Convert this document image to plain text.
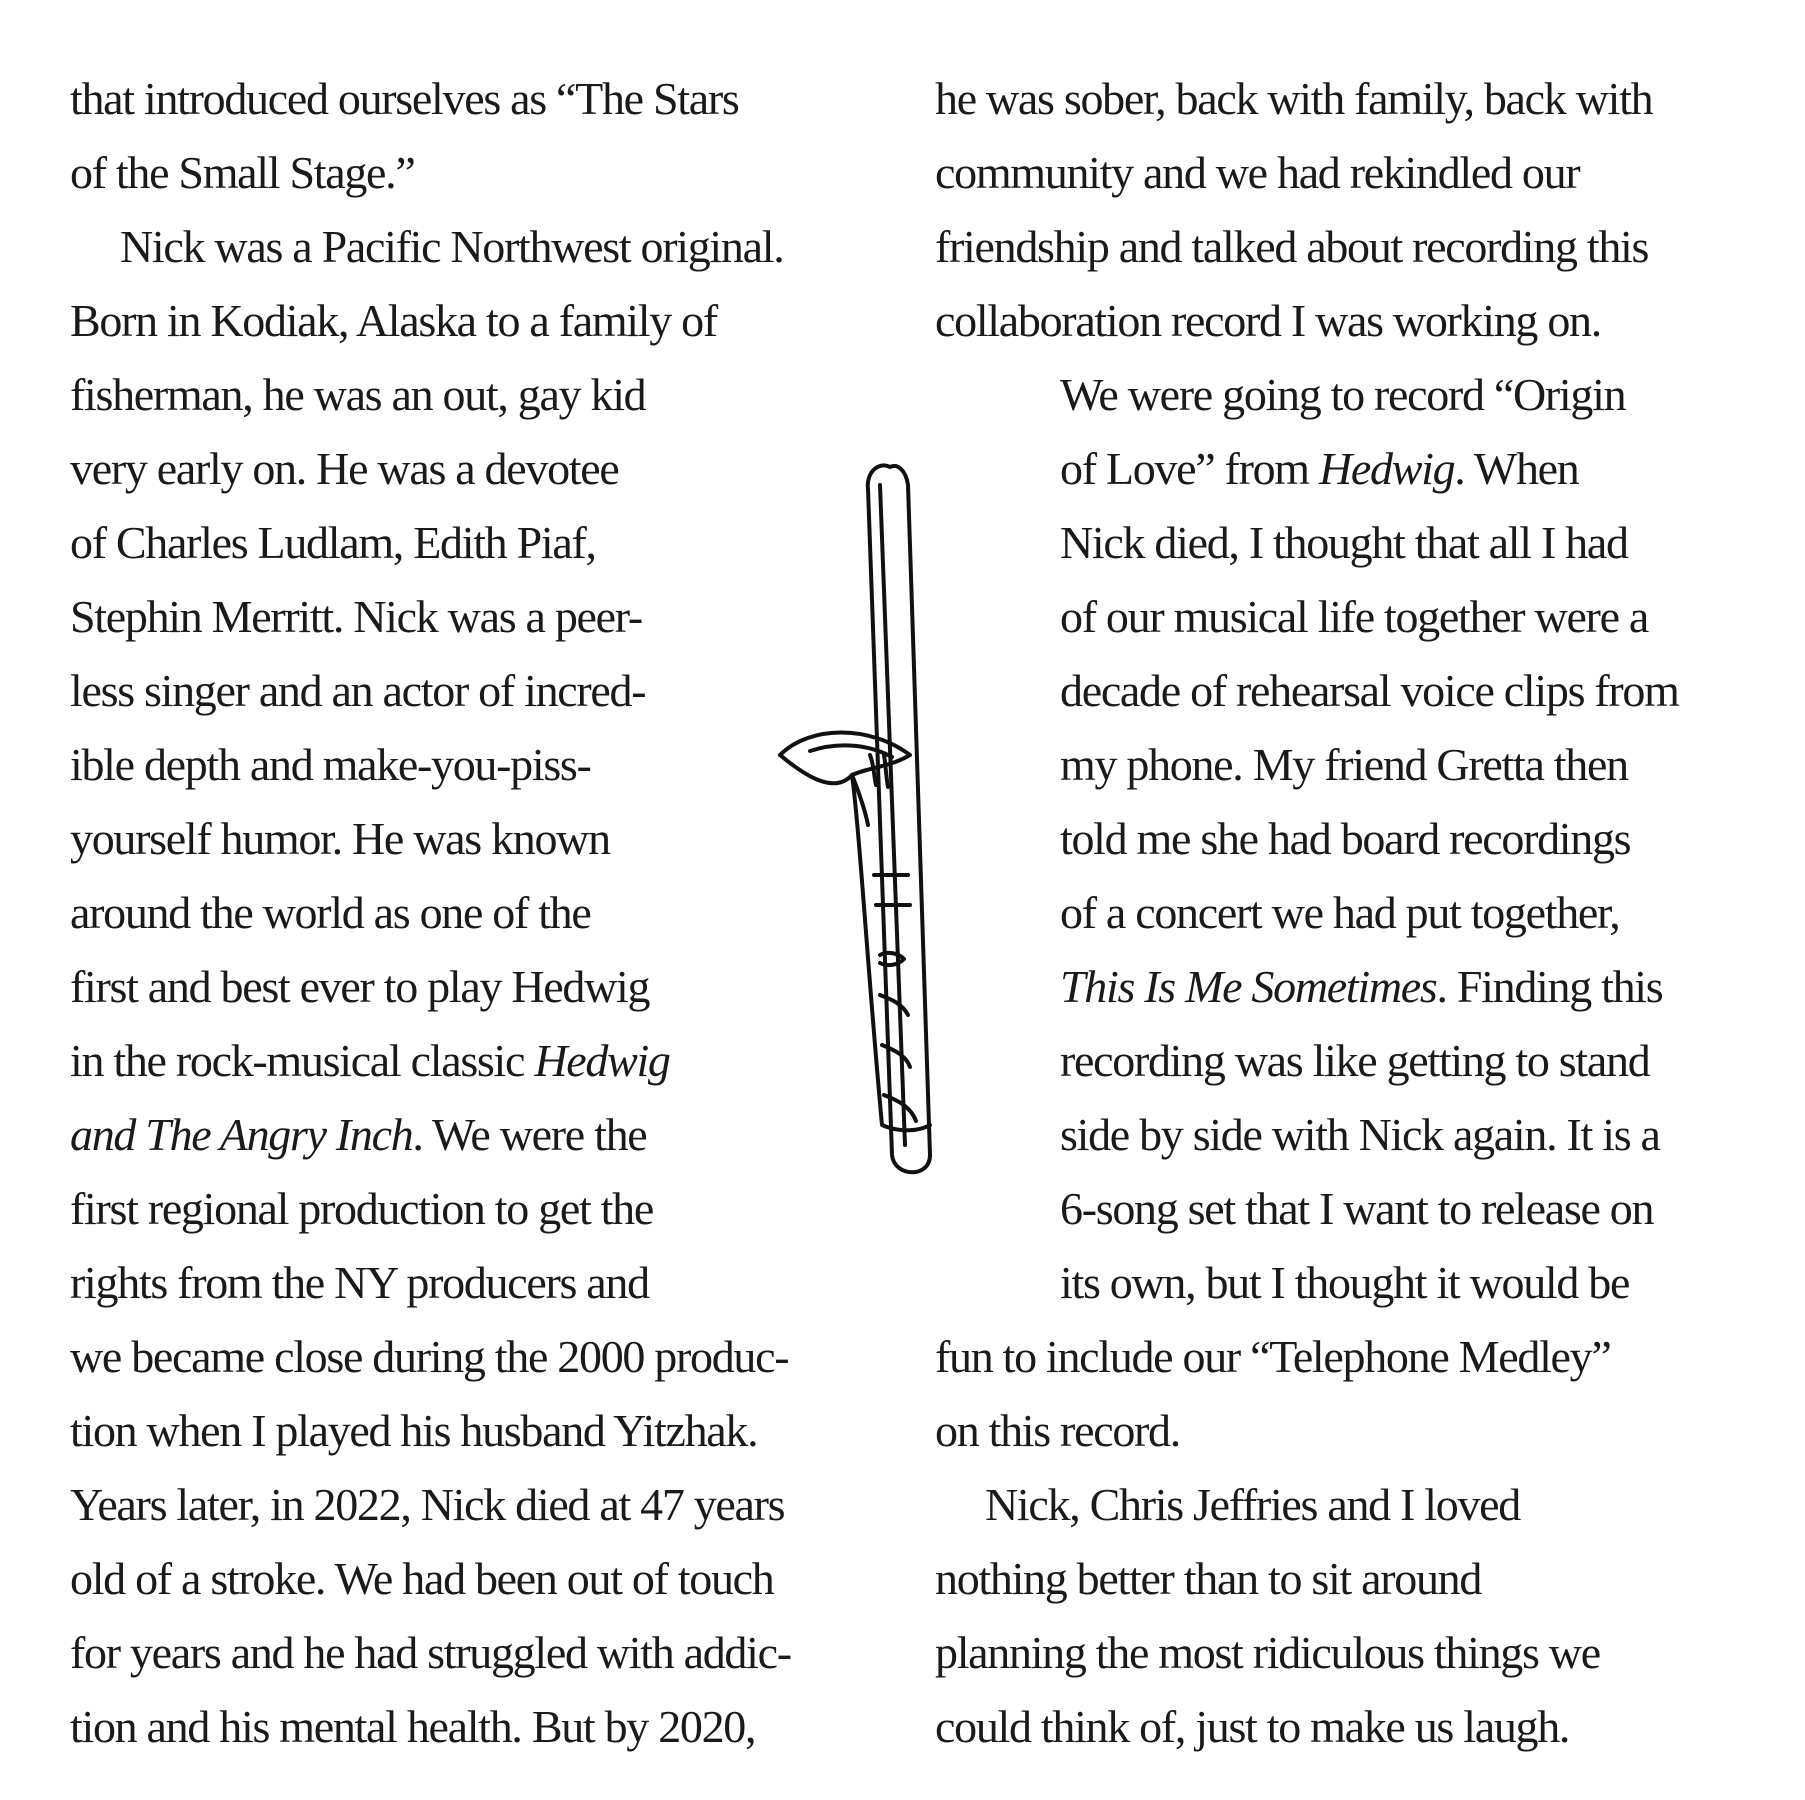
that introduced ourselves as “The Stars
of the Small Stage.”
Nick was a Pacific Northwest original.
Born in Kodiak, Alaska to a family of
fisherman, he was an out, gay kid
very early on. He was a devotee
of Charles Ludlam, Edith Piaf,
Stephin Merritt. Nick was a peer-
less singer and an actor of incred-
ible depth and make-you-piss-
yourself humor. He was known
around the world as one of the
first and best ever to play Hedwig
in the rock-musical classic Hedwig
and The Angry Inch. We were the
first regional production to get the
rights from the NY producers and
we became close during the 2000 produc-
tion when I played his husband Yitzhak.
Years later, in 2022, Nick died at 47 years
old of a stroke. We had been out of touch
for years and he had struggled with addic-
tion and his mental health. But by 2020,
he was sober, back with family, back with
community and we had rekindled our
friendship and talked about recording this
collaboration record I was working on.
We were going to record “Origin
of Love” from Hedwig. When
Nick died, I thought that all I had
of our musical life together were a
decade of rehearsal voice clips from
my phone. My friend Gretta then
told me she had board recordings
of a concert we had put together,
This Is Me Sometimes. Finding this
recording was like getting to stand
side by side with Nick again. It is a
6-song set that I want to release on
its own, but I thought it would be
fun to include our “Telephone Medley”
on this record.
Nick, Chris Jeffries and I loved
nothing better than to sit around
planning the most ridiculous things we
could think of, just to make us laugh.
